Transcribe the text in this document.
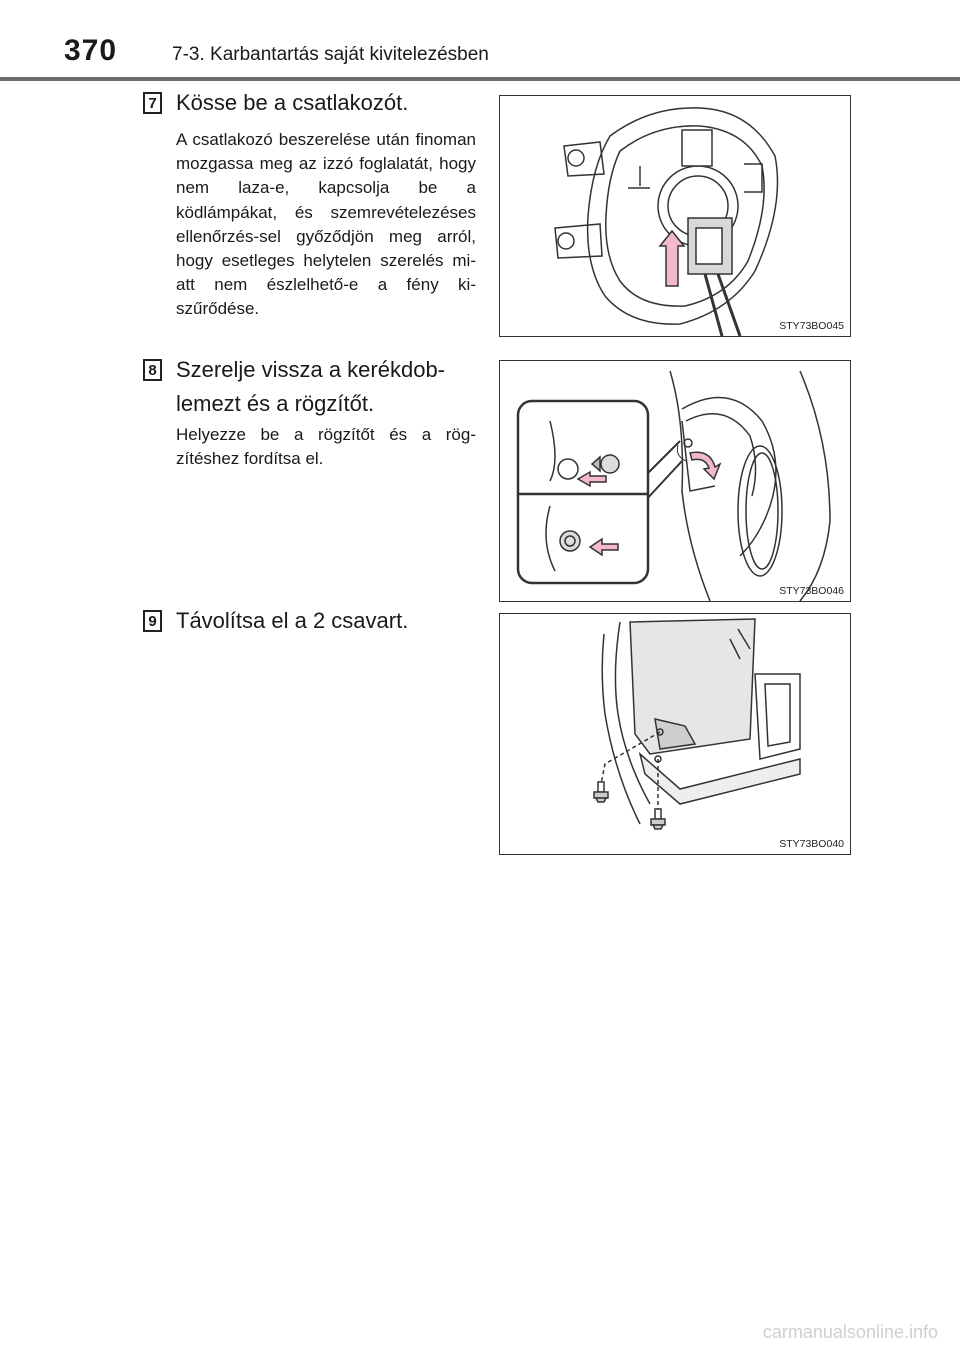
370	7-3. Karbantartás saját kivitelezésben
7 Kösse be a csatlakozót.
A csatlakozó beszerelése után finoman mozgassa meg az izzó foglalatát, hogy nem laza-e, kapcsolja be a ködlámpákat, és szemrevételezéses ellenőrzés-sel győződjön meg arról, hogy esetleges helytelen szerelés mi-att nem észlelhető-e a fény ki-szűrődése.
STY73BO045
8 Szerelje vissza a kerékdob-lemezt és a rögzítőt.
Helyezze be a rögzítőt és a rög-zítéshez fordítsa el.
STY73BO046
9 Távolítsa el a 2 csavart.
STY73BO040
carmanualsonline.info
